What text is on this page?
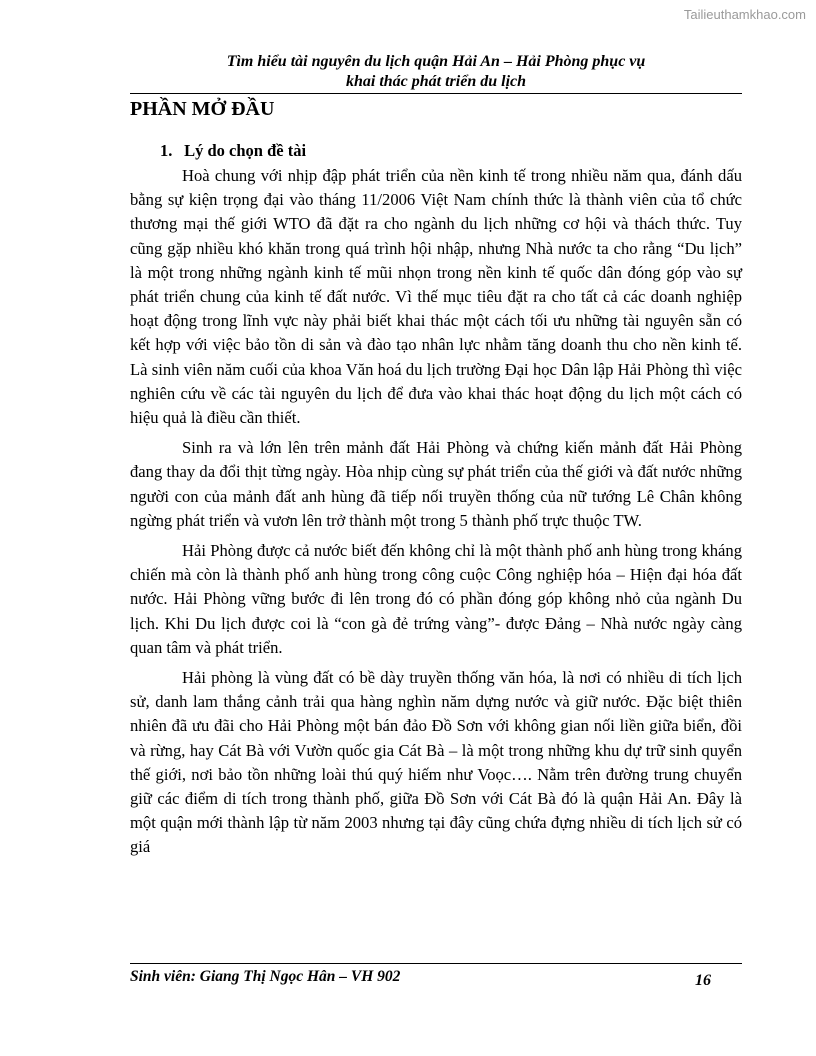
Tailieuthamkhao.com
Tìm hiểu tài nguyên du lịch quận Hải An – Hải Phòng phục vụ
khai thác phát triển du lịch
PHẦN MỞ ĐẦU
1. Lý do chọn đề tài

Hoà chung với nhịp đập phát triển của nền kinh tế trong nhiều năm qua, đánh dấu bằng sự kiện trọng đại vào tháng 11/2006 Việt Nam chính thức là thành viên của tổ chức thương mại thế giới WTO đã đặt ra cho ngành du lịch những cơ hội và thách thức. Tuy cũng gặp nhiều khó khăn trong quá trình hội nhập, nhưng Nhà nước ta cho rằng “Du lịch” là một trong những ngành kinh tế mũi nhọn trong nền kinh tế quốc dân đóng góp vào sự phát triển chung của kinh tế đất nước. Vì thế mục tiêu đặt ra cho tất cả các doanh nghiệp hoạt động trong lĩnh vực này phải biết khai thác một cách tối ưu những tài nguyên sẵn có kết hợp với việc bảo tồn di sản và đào tạo nhân lực nhằm tăng doanh thu cho nền kinh tế. Là sinh viên năm cuối của khoa Văn hoá du lịch trường Đại học Dân lập Hải Phòng thì việc nghiên cứu về các tài nguyên du lịch để đưa vào khai thác hoạt động du lịch một cách có hiệu quả là điều cần thiết.

Sinh ra và lớn lên trên mảnh đất Hải Phòng và chứng kiến mảnh đất Hải Phòng đang thay da đổi thịt từng ngày. Hòa nhịp cùng sự phát triển của thế giới và đất nước những người con của mảnh đất anh hùng đã tiếp nối truyền thống của nữ tướng Lê Chân không ngừng phát triển và vươn lên trở thành một trong 5 thành phố trực thuộc TW.

Hải Phòng được cả nước biết đến không chỉ là một thành phố anh hùng trong kháng chiến mà còn là thành phố anh hùng trong công cuộc Công nghiệp hóa – Hiện đại hóa đất nước. Hải Phòng vững bước đi lên trong đó có phần đóng góp không nhỏ của ngành Du lịch. Khi Du lịch được coi là “con gà đẻ trứng vàng”- được Đảng – Nhà nước ngày càng quan tâm và phát triển.

Hải phòng là vùng đất có bề dày truyền thống văn hóa, là nơi có nhiều di tích lịch sử, danh lam thắng cảnh trải qua hàng nghìn năm dựng nước và giữ nước. Đặc biệt thiên nhiên đã ưu đãi cho Hải Phòng một bán đảo Đồ Sơn với không gian nối liền giữa biển, đồi và rừng, hay Cát Bà với Vườn quốc gia Cát Bà – là một trong những khu dự trữ sinh quyển thế giới, nơi bảo tồn những loài thú quý hiếm như Voọc…. Nằm trên đường trung chuyển giữ các điểm di tích trong thành phố, giữa Đồ Sơn với Cát Bà đó là quận Hải An. Đây là một quận mới thành lập từ năm 2003 nhưng tại đây cũng chứa đựng nhiều di tích lịch sử có giá

Sinh viên: Giang Thị Ngọc Hân – VH 902	16
